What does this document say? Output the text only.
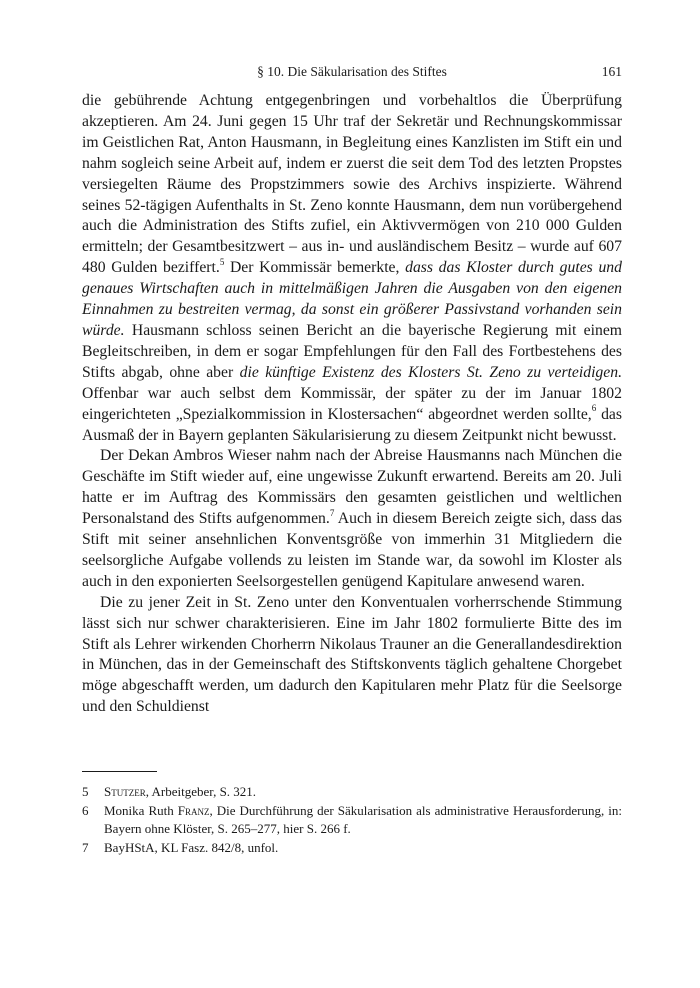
§ 10. Die Säkularisation des Stiftes	161

die gebührende Achtung entgegenbringen und vorbehaltlos die Überprüfung akzeptieren. Am 24. Juni gegen 15 Uhr traf der Sekretär und Rechnungskommissar im Geistlichen Rat, Anton Hausmann, in Begleitung eines Kanzlisten im Stift ein und nahm sogleich seine Arbeit auf, indem er zuerst die seit dem Tod des letzten Propstes versiegelten Räume des Propstzimmers sowie des Archivs inspizierte. Während seines 52-tägigen Aufenthalts in St. Zeno konnte Hausmann, dem nun vorübergehend auch die Administration des Stifts zufiel, ein Aktivvermögen von 210 000 Gulden ermitteln; der Gesamtbesitzwert – aus in- und ausländischem Besitz – wurde auf 607 480 Gulden beziffert.$^5$ Der Kommissär bemerkte, dass das Kloster durch gutes und genaues Wirtschaften auch in mittelmäßigen Jahren die Ausgaben von den eigenen Einnahmen zu bestreiten vermag, da sonst ein größerer Passivstand vorhanden sein würde. Hausmann schloss seinen Bericht an die bayerische Regierung mit einem Begleitschreiben, in dem er sogar Empfehlungen für den Fall des Fortbestehens des Stifts abgab, ohne aber die künftige Existenz des Klosters St. Zeno zu verteidigen. Offenbar war auch selbst dem Kommissär, der später zu der im Januar 1802 eingerichteten „Spezialkommission in Klostersachen“ abgeordnet werden sollte,$^6$ das Ausmaß der in Bayern geplanten Säkularisierung zu diesem Zeitpunkt nicht bewusst.

Der Dekan Ambros Wieser nahm nach der Abreise Hausmanns nach München die Geschäfte im Stift wieder auf, eine ungewisse Zukunft erwartend. Bereits am 20. Juli hatte er im Auftrag des Kommissärs den gesamten geistlichen und weltlichen Personalstand des Stifts aufgenommen.$^7$ Auch in diesem Bereich zeigte sich, dass das Stift mit seiner ansehnlichen Konventsgröße von immerhin 31 Mitgliedern die seelsorgliche Aufgabe vollends zu leisten im Stande war, da sowohl im Kloster als auch in den exponierten Seelsorgestellen genügend Kapitulare anwesend waren.

Die zu jener Zeit in St. Zeno unter den Konventualen vorherrschende Stimmung lässt sich nur schwer charakterisieren. Eine im Jahr 1802 formulierte Bitte des im Stift als Lehrer wirkenden Chorherrn Nikolaus Trauner an die Generallandesdirektion in München, das in der Gemeinschaft des Stiftskonvents täglich gehaltene Chorgebet möge abgeschafft werden, um dadurch den Kapitularen mehr Platz für die Seelsorge und den Schuldienst

5 Stutzer, Arbeitgeber, S. 321.

6 Monika Ruth Franz, Die Durchführung der Säkularisation als administrative Herausforderung, in: Bayern ohne Klöster, S. 265–277, hier S. 266 f.

7 BayHStA, KL Fasz. 842/8, unfol.
